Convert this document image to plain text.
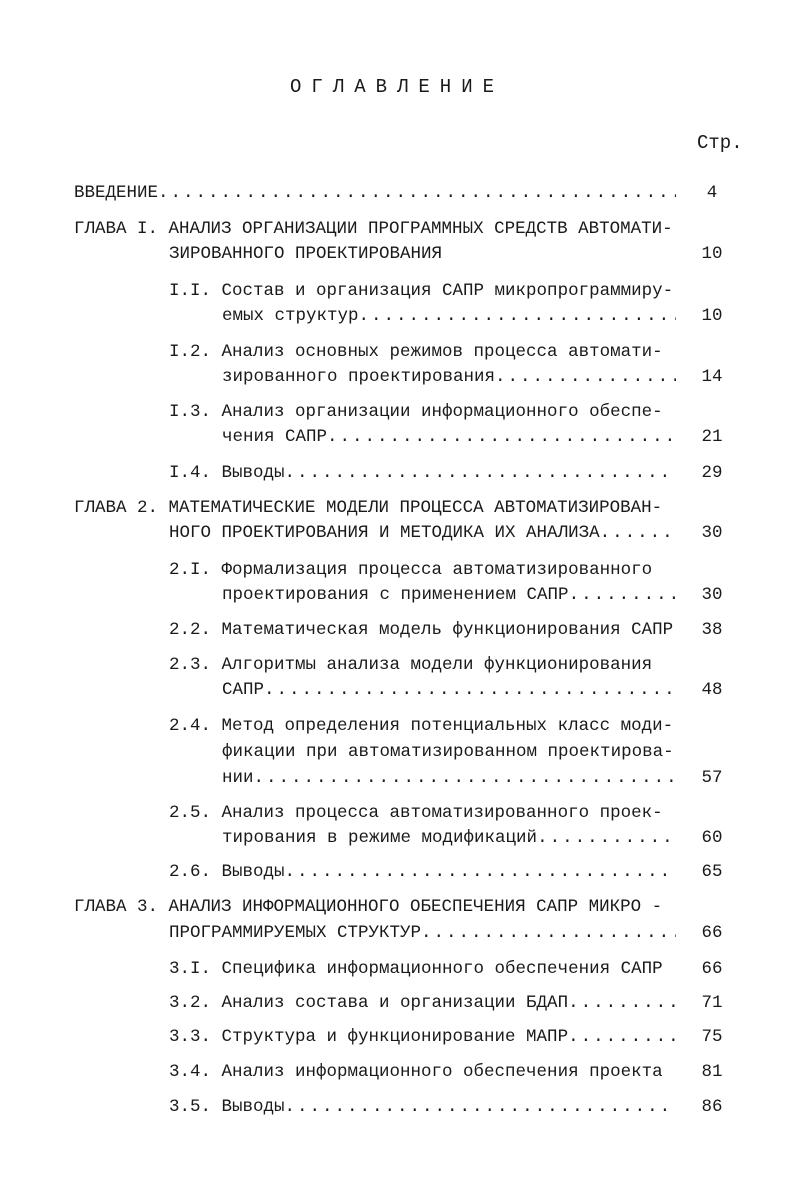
ОГЛАВЛЕНИЕ
Стр.
ВВЕДЕНИЕ .....	4
ГЛАВА I. АНАЛИЗ ОРГАНИЗАЦИИ ПРОГРАММНЫХ СРЕДСТВ АВТОМАТИ-
ЗИРОВАННОГО ПРОЕКТИРОВАНИЯ	10
I.I. Состав и организация САПР микропрограммиру-
емых структур .....	10
I.2. Анализ основных режимов процесса автомати-
зированного проектирования .....	14
I.3. Анализ организации информационного обеспе-
чения САПР .....	21
I.4. Выводы .....	29
ГЛАВА 2. МАТЕМАТИЧЕСКИЕ МОДЕЛИ ПРОЦЕССА АВТОМАТИЗИРОВАН-
НОГО ПРОЕКТИРОВАНИЯ И МЕТОДИКА ИХ АНАЛИЗА .....	30
2.I. Формализация процесса автоматизированного
проектирования с применением САПР .....	30
2.2. Математическая модель функционирования САПР	38
2.3. Алгоритмы анализа модели функционирования
САПР .....	48
2.4. Метод определения потенциальных класс моди-
фикации при автоматизированном проектирова-
нии .....	57
2.5. Анализ процесса автоматизированного проек-
тирования в режиме модификаций .....	60
2.6. Выводы .....	65
ГЛАВА 3. АНАЛИЗ ИНФОРМАЦИОННОГО ОБЕСПЕЧЕНИЯ САПР МИКРО -
ПРОГРАММИРУЕМЫХ СТРУКТУР .....	66
3.I. Специфика информационного обеспечения САПР	66
3.2. Анализ состава и организации БДАП .....	71
3.3. Структура и функционирование МАПР .....	75
3.4. Анализ информационного обеспечения проекта	81
3.5. Выводы .....	86
